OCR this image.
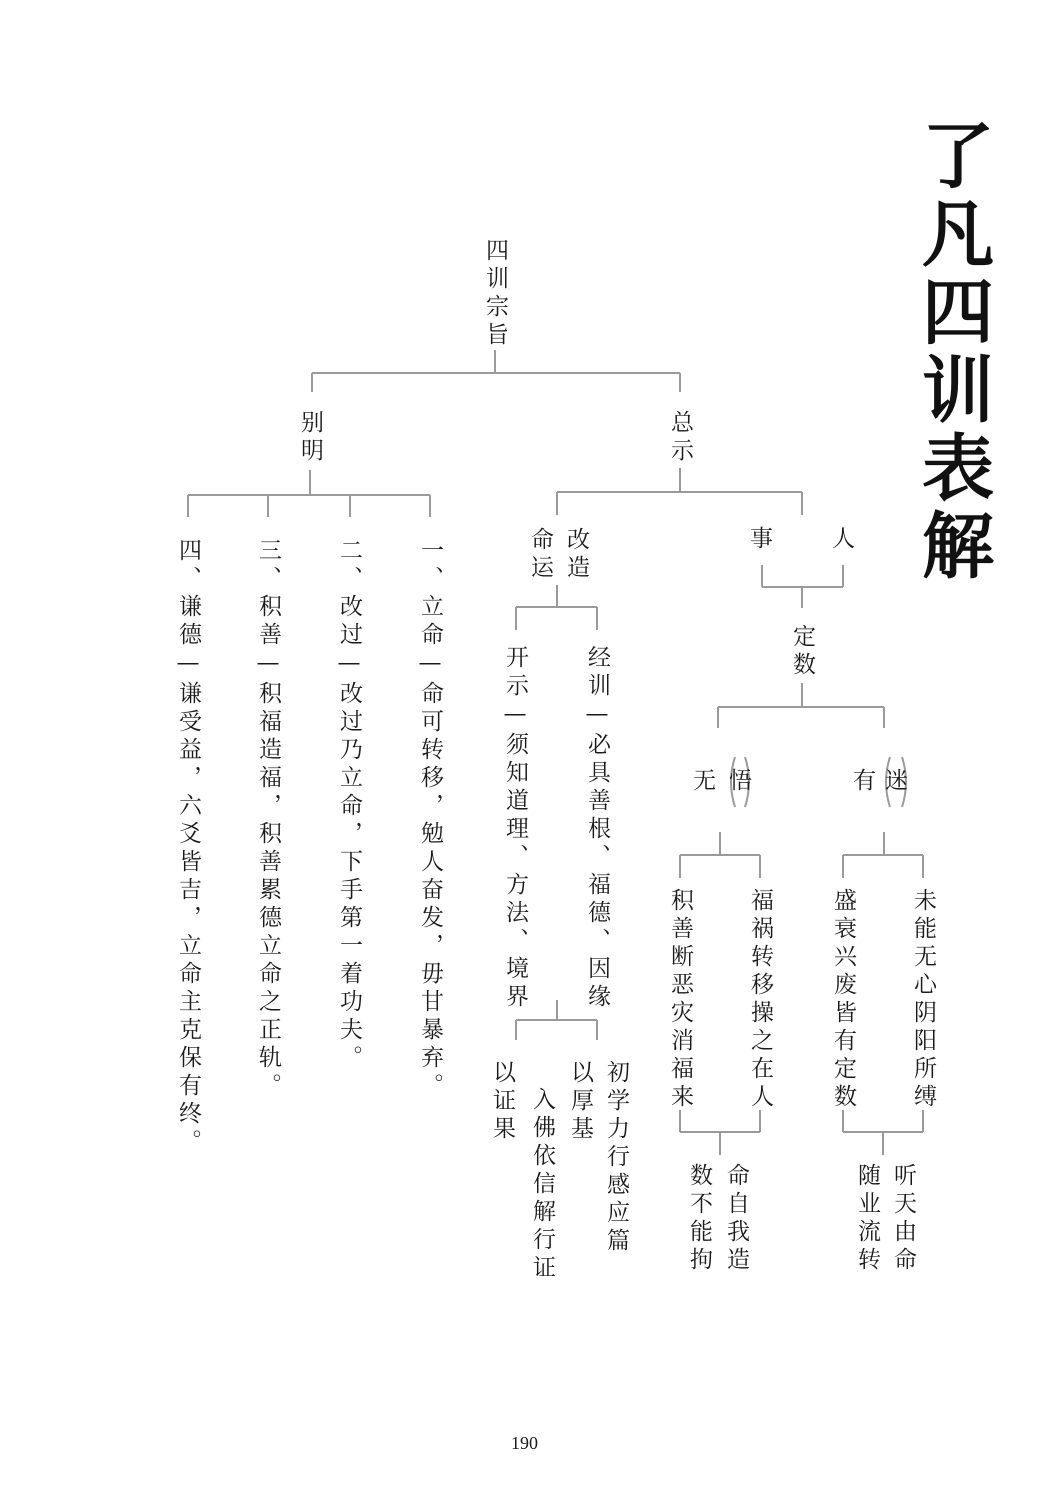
了凡四训表解
四训宗旨
别明	总示
一、立命—命可转移，勉人奋发，毋甘暴弃。
二、改过—改过乃立命，下手第一着功夫。
三、积善—积福造福，积善累德立命之正轨。
四、谦德—谦受益，六爻皆吉，立命主克保有终。	改造
命运
经训—必具善根、福德、因缘
开示—须知道理、方法、境界
初学力行感应篇
以厚基
入佛依信解行证
以证果
事	人
定数
无 悟	有 迷
福祸转移操之在人
积善断恶灾消福来	未能无心阴阳所缚
盛衰兴废皆有定数
命自我造
数不能拘	听天由命
随业流转
190
